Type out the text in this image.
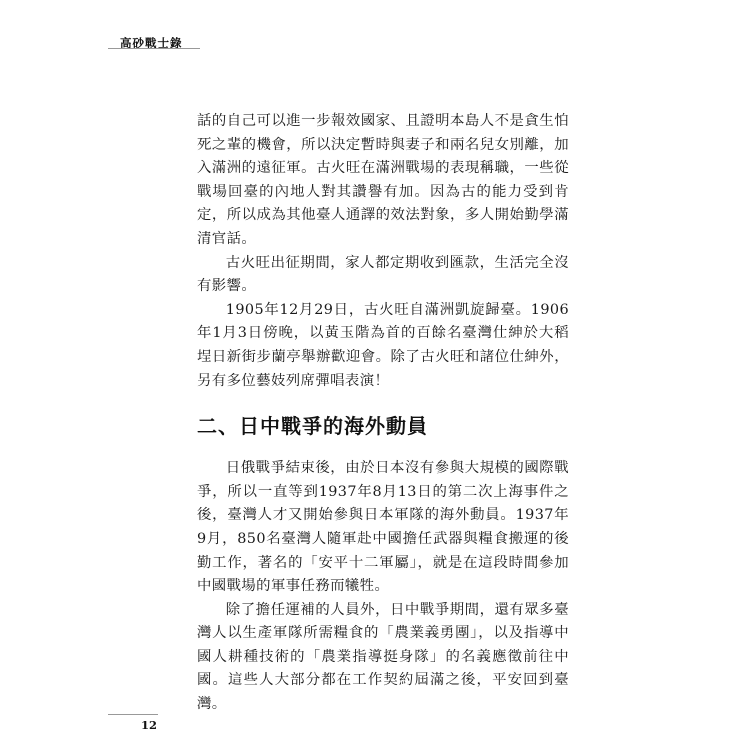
高砂戰士錄

話的自己可以進一步報效國家、且證明本島人不是貪生怕死之輩的機會，所以決定暫時與妻子和兩名兒女別離，加入滿洲的遠征軍。古火旺在滿洲戰場的表現稱職，一些從戰場回臺的內地人對其讚譽有加。因為古的能力受到肯定，所以成為其他臺人通譯的效法對象，多人開始勤學滿清官話。

古火旺出征期間，家人都定期收到匯款，生活完全沒有影響。

1905年12月29日，古火旺自滿洲凱旋歸臺。1906年1月3日傍晚，以黃玉階為首的百餘名臺灣仕紳於大稻埕日新街步蘭亭舉辦歡迎會。除了古火旺和諸位仕紳外，另有多位藝妓列席彈唱表演！

二、日中戰爭的海外動員

日俄戰爭結束後，由於日本沒有參與大規模的國際戰爭，所以一直等到1937年8月13日的第二次上海事件之後，臺灣人才又開始參與日本軍隊的海外動員。1937年9月，850名臺灣人隨軍赴中國擔任武器與糧食搬運的後勤工作，著名的「安平十二軍屬」，就是在這段時間參加中國戰場的軍事任務而犧牲。

除了擔任運補的人員外，日中戰爭期間，還有眾多臺灣人以生產軍隊所需糧食的「農業義勇團」，以及指導中國人耕種技術的「農業指導挺身隊」的名義應徵前往中國。這些人大部分都在工作契約屆滿之後，平安回到臺灣。

12
